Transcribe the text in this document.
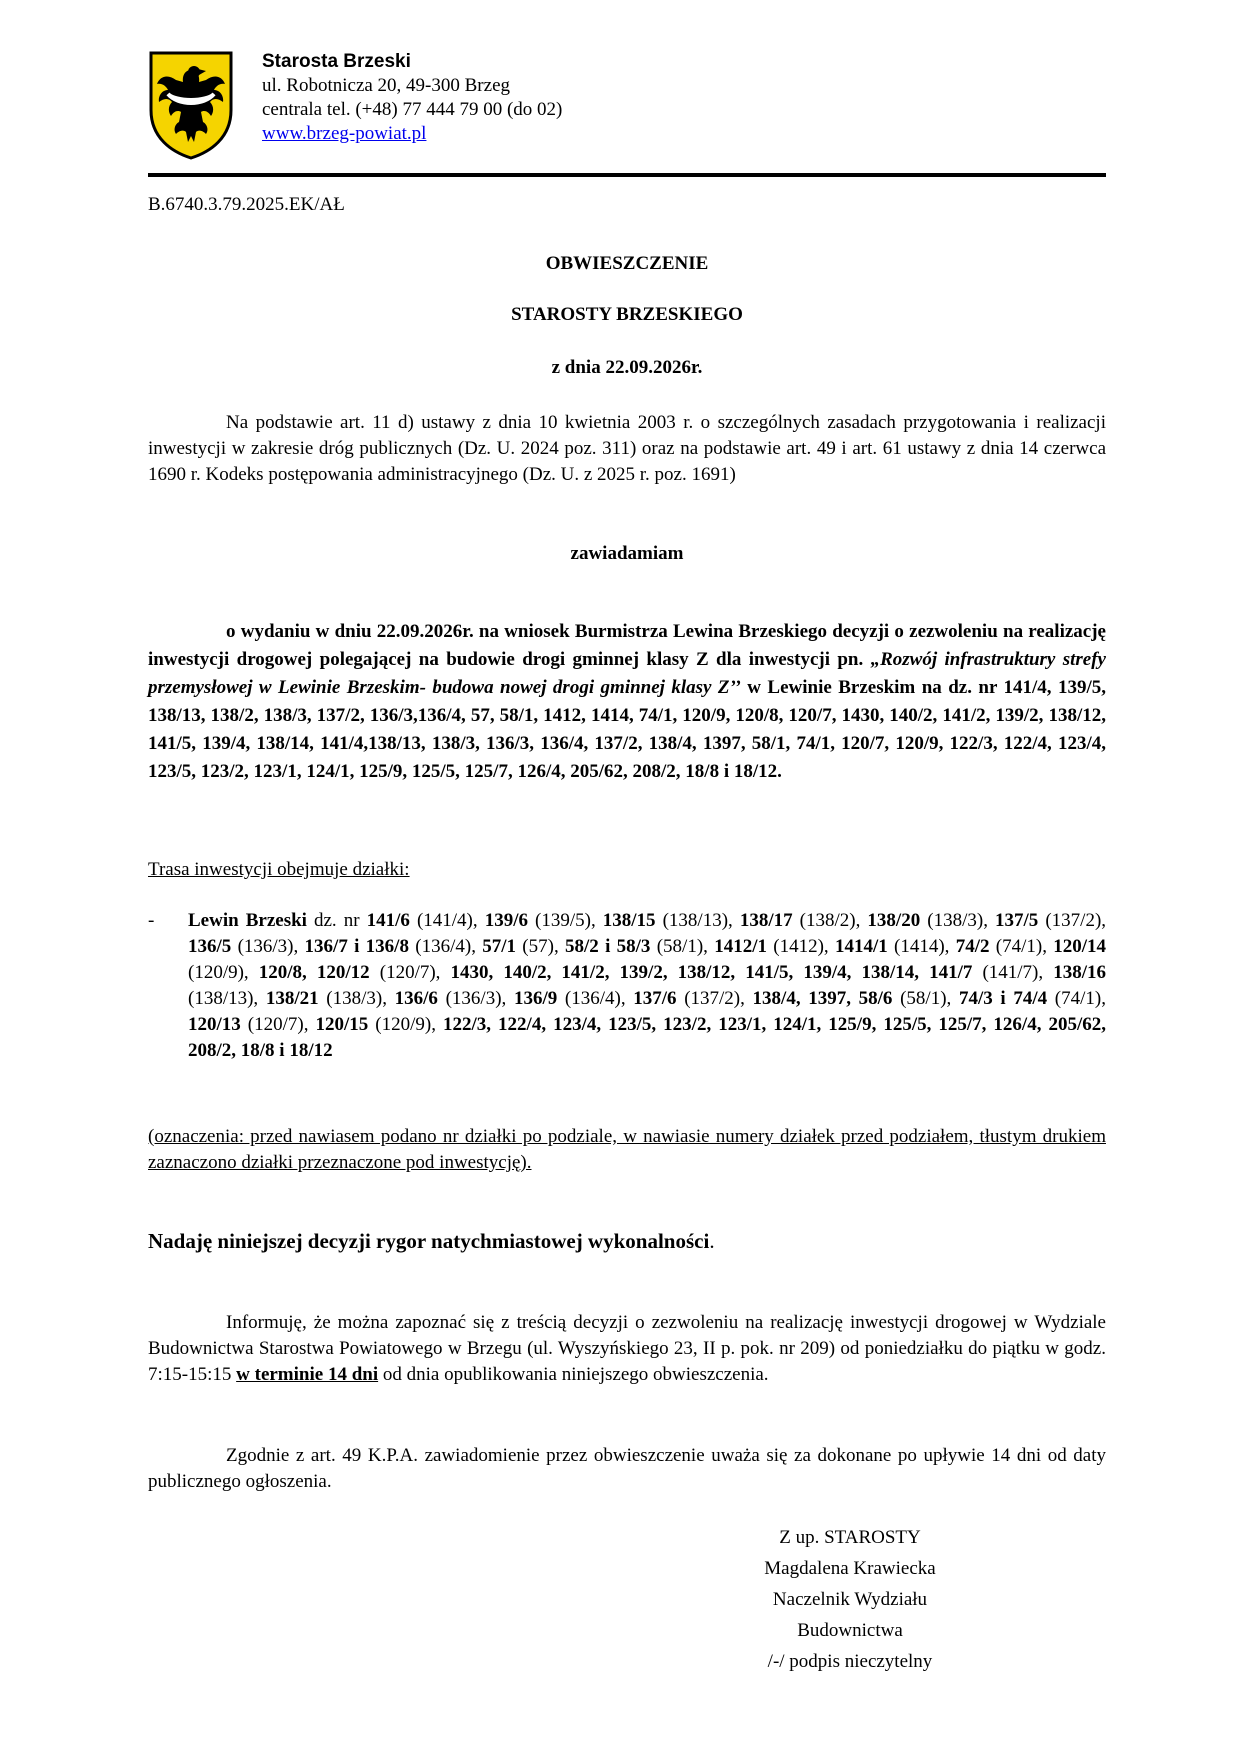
Starosta Brzeski
ul. Robotnicza 20, 49-300 Brzeg
centrala tel. (+48) 77 444 79 00 (do 02)
www.brzeg-powiat.pl
B.6740.3.79.2025.EK/AŁ
OBWIESZCZENIE
STAROSTY BRZESKIEGO
z dnia 22.09.2026r.
Na podstawie art. 11 d) ustawy z dnia 10 kwietnia 2003 r. o szczególnych zasadach przygotowania i realizacji inwestycji w zakresie dróg publicznych (Dz. U. 2024 poz. 311) oraz na podstawie art. 49 i art. 61 ustawy z dnia 14 czerwca 1690 r. Kodeks postępowania administracyjnego (Dz. U. z 2025 r. poz. 1691)
zawiadamiam
o wydaniu w dniu 22.09.2026r. na wniosek Burmistrza Lewina Brzeskiego decyzji o zezwoleniu na realizację inwestycji drogowej polegającej na budowie drogi gminnej klasy Z dla inwestycji pn. „Rozwój infrastruktury strefy przemysłowej w Lewinie Brzeskim- budowa nowej drogi gminnej klasy Z’’ w Lewinie Brzeskim na dz. nr 141/4, 139/5, 138/13, 138/2, 138/3, 137/2, 136/3,136/4, 57, 58/1, 1412, 1414, 74/1, 120/9, 120/8, 120/7, 1430, 140/2, 141/2, 139/2, 138/12, 141/5, 139/4, 138/14, 141/4,138/13, 138/3, 136/3, 136/4, 137/2, 138/4, 1397, 58/1, 74/1, 120/7, 120/9, 122/3, 122/4, 123/4, 123/5, 123/2, 123/1, 124/1, 125/9, 125/5, 125/7, 126/4, 205/62, 208/2, 18/8 i 18/12.
Trasa inwestycji obejmuje działki:
- Lewin Brzeski dz. nr 141/6 (141/4), 139/6 (139/5), 138/15 (138/13), 138/17 (138/2), 138/20 (138/3), 137/5 (137/2), 136/5 (136/3), 136/7 i 136/8 (136/4), 57/1 (57), 58/2 i 58/3 (58/1), 1412/1 (1412), 1414/1 (1414), 74/2 (74/1), 120/14 (120/9), 120/8, 120/12 (120/7), 1430, 140/2, 141/2, 139/2, 138/12, 141/5, 139/4, 138/14, 141/7 (141/7), 138/16 (138/13), 138/21 (138/3), 136/6 (136/3), 136/9 (136/4), 137/6 (137/2), 138/4, 1397, 58/6 (58/1), 74/3 i 74/4 (74/1), 120/13 (120/7), 120/15 (120/9), 122/3, 122/4, 123/4, 123/5, 123/2, 123/1, 124/1, 125/9, 125/5, 125/7, 126/4, 205/62, 208/2, 18/8 i 18/12
(oznaczenia: przed nawiasem podano nr działki po podziale, w nawiasie numery działek przed podziałem, tłustym drukiem zaznaczono działki przeznaczone pod inwestycję).
Nadaję niniejszej decyzji rygor natychmiastowej wykonalności.
Informuję, że można zapoznać się z treścią decyzji o zezwoleniu na realizację inwestycji drogowej w Wydziale Budownictwa Starostwa Powiatowego w Brzegu (ul. Wyszyńskiego 23, II p. pok. nr 209) od poniedziałku do piątku w godz. 7:15-15:15 w terminie 14 dni od dnia opublikowania niniejszego obwieszczenia.
Zgodnie z art. 49 K.P.A. zawiadomienie przez obwieszczenie uważa się za dokonane po upływie 14 dni od daty publicznego ogłoszenia.
Z up. STAROSTY
Magdalena Krawiecka
Naczelnik Wydziału
Budownictwa
/-/ podpis nieczytelny
